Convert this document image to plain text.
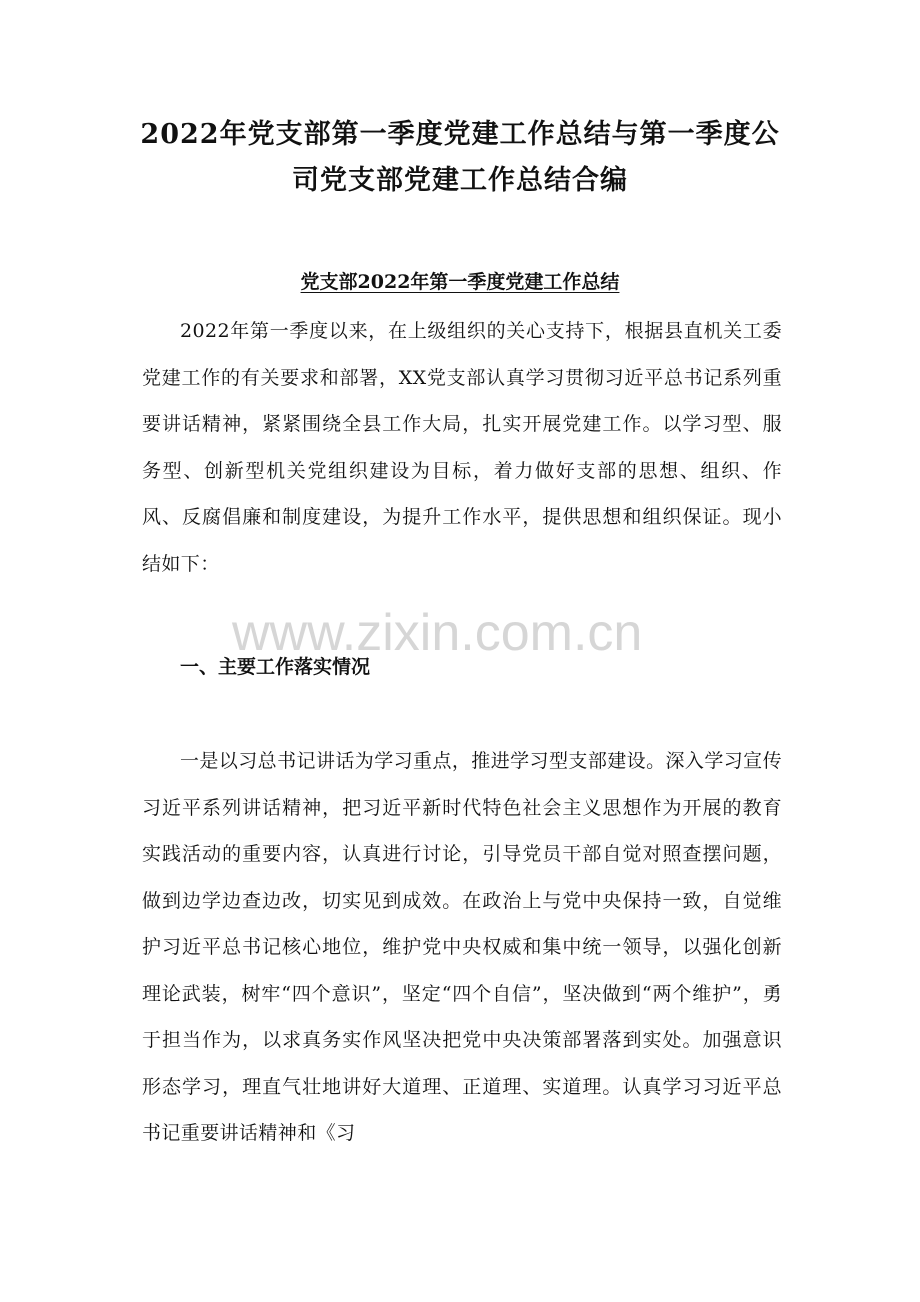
2022年党支部第一季度党建工作总结与第一季度公
司党支部党建工作总结合编
党支部2022年第一季度党建工作总结

2022年第一季度以来，在上级组织的关心支持下，根据县直机关工委党建工作的有关要求和部署，XX党支部认真学习贯彻习近平总书记系列重要讲话精神，紧紧围绕全县工作大局，扎实开展党建工作。以学习型、服务型、创新型机关党组织建设为目标，着力做好支部的思想、组织、作风、反腐倡廉和制度建设，为提升工作水平，提供思想和组织保证。现小结如下：

www.zixin.com.cn
一、主要工作落实情况

一是以习总书记讲话为学习重点，推进学习型支部建设。深入学习宣传习近平系列讲话精神，把习近平新时代特色社会主义思想作为开展的教育实践活动的重要内容，认真进行讨论，引导党员干部自觉对照查摆问题，做到边学边查边改，切实见到成效。在政治上与党中央保持一致，自觉维护习近平总书记核心地位，维护党中央权威和集中统一领导，以强化创新理论武装，树牢“四个意识”，坚定“四个自信”，坚决做到“两个维护”，勇于担当作为，以求真务实作风坚决把党中央决策部署落到实处。加强意识形态学习，理直气壮地讲好大道理、正道理、实道理。认真学习习近平总书记重要讲话精神和《习
